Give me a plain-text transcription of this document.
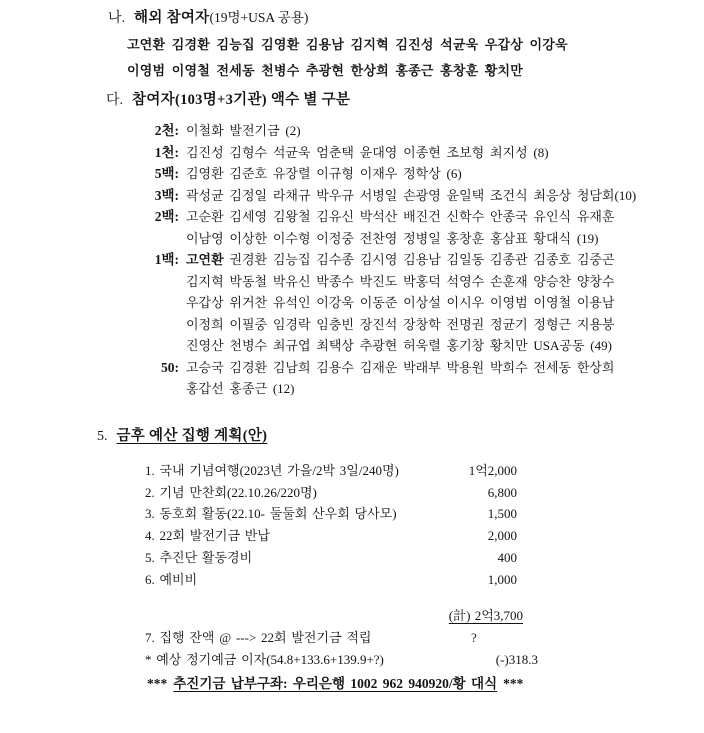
나. 해외 참여자(19명+USA 공용)
고연환 김경환 김능집 김영환 김용남 김지혁 김진성 석균욱 우갑상 이강욱
이영범 이영철 전세동 천병수 추광현 한상희 홍종근 홍창훈 황치만
다. 참여자(103명+3기관) 액수 별 구분
2천: 이철화 발전기금 (2)
1천: 김진성 김형수 석균욱 엄춘택 윤대영 이종현 조보형 최지성 (8)
5백: 김영환 김준호 유장렬 이규형 이재우 정학상 (6)
3백: 곽성균 김정일 라채규 박우규 서병일 손광영 윤일택 조건식 최응상 청담회(10)
2백: 고순환 김세영 김왕철 김유신 박석산 배진건 신학수 안종국 유인식 유재훈
이남영 이상한 이수형 이정중 전찬영 정병일 홍창훈 홍삼표 황대식 (19)
1백: 고연환 권경환 김능집 김수종 김시영 김용남 김일동 김종관 김종호 김중곤
김지혁 박동철 박유신 박종수 박진도 박홍덕 석영수 손훈재 양승찬 양창수
우갑상 위거찬 유석인 이강욱 이동준 이상설 이시우 이영범 이영철 이용남
이정희 이필중 임경락 임충빈 장진석 장창학 전명권 정균기 정형근 지용붕
진영산 천병수 최규엽 최택상 추광현 허욱렬 홍기창 황치만 USA공동 (49)
50: 고승국 김경환 김남희 김용수 김재운 박래부 박용원 박희수 전세동 한상희
홍갑선 홍종근 (12)
5. 금후 예산 집행 계획(안)
1. 국내 기념여행(2023년 가을/2박 3일/240명)	1억2,000
2. 기념 만찬회(22.10.26/220명)	6,800
3. 동호회 활동(22.10- 둘둘회 산우회 당사모)	1,500
4. 22회 발전기금 반납	2,000
5. 추진단 활동경비	400
6. 예비비	1,000
(計) 2억3,700
7. 집행 잔액 @ ---> 22회 발전기금 적립	?
* 예상 정기예금 이자(54.8+133.6+139.9+?)	(-)318.3
*** 추진기금 납부구좌: 우리은행 1002 962 940920/황 대식 ***
